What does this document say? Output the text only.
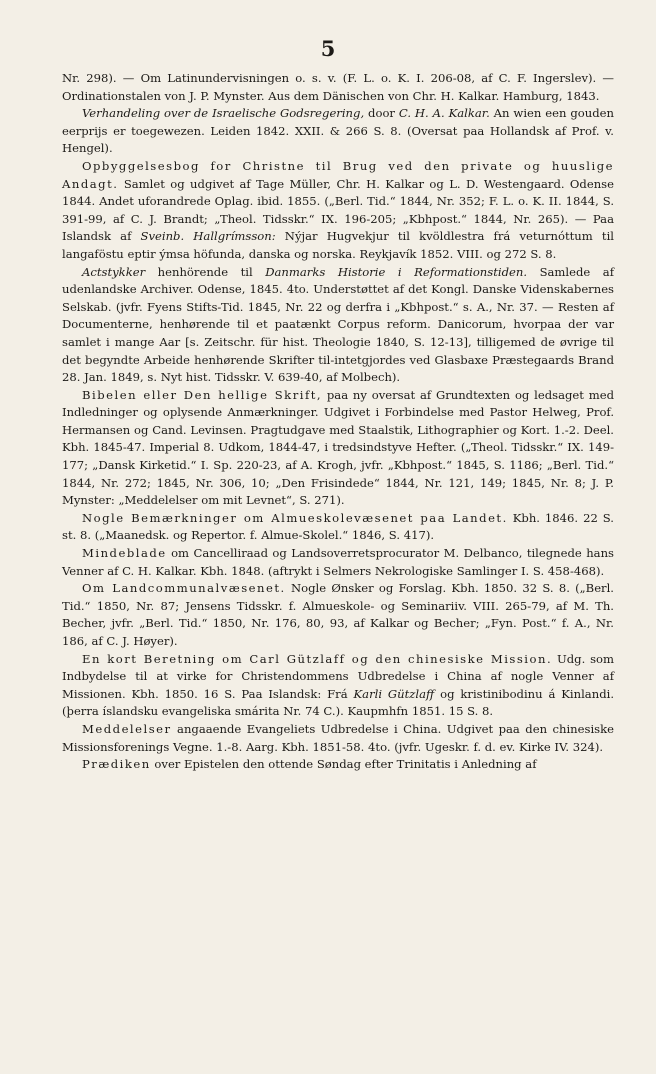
5

Nr. 298). — Om Latinundervisningen o. s. v. (F. L. o. K. I. 206-08, af C. F. Ingerslev). — Ordinationstalen von J. P. Mynster. Aus dem Dänischen von Chr. H. Kalkar. Hamburg, 1843.

Verhandeling over de Israelische Godsregering, door C. H. A. Kalkar. An wien een gouden eerprijs er toegewezen. Leiden 1842. XXII. & 266 S. 8. (Oversat paa Hollandsk af Prof. v. Hengel).

Opbyggelsesbog for Christne til Brug ved den private og huuslige Andagt. Samlet og udgivet af Tage Müller, Chr. H. Kalkar og L. D. Westengaard. Odense 1844. Andet uforandrede Oplag. ibid. 1855. („Berl. Tid.“ 1844, Nr. 352; F. L. o. K. II. 1844, S. 391-99, af C. J. Brandt; „Theol. Tidsskr.“ IX. 196-205; „Kbhpost.“ 1844, Nr. 265). — Paa Islandsk af Sveinb. Hallgrímsson: Nýjar Hugvekjur til kvöldlestra frá veturnóttum til langaföstu eptir ýmsa höfunda, danska og norska. Reykjavík 1852. VIII. og 272 S. 8.

Actstykker henhörende til Danmarks Historie i Reformationstiden. Samlede af udenlandske Archiver. Odense, 1845. 4to. Understøttet af det Kongl. Danske Videnskabernes Selskab. (jvfr. Fyens Stifts-Tid. 1845, Nr. 22 og derfra i „Kbhpost.“ s. A., Nr. 37. — Resten af Documenterne, henhørende til et paatænkt Corpus reform. Danicorum, hvorpaa der var samlet i mange Aar [s. Zeitschr. für hist. Theologie 1840, S. 12-13], tilligemed de øvrige til det begyndte Arbeide henhørende Skrifter til-intetgjordes ved Glasbaxe Præstegaards Brand 28. Jan. 1849, s. Nyt hist. Tidsskr. V. 639-40, af Molbech).

Bibelen eller Den hellige Skrift, paa ny oversat af Grundtexten og ledsaget med Indledninger og oplysende Anmærkninger. Udgivet i Forbindelse med Pastor Helweg, Prof. Hermansen og Cand. Levinsen. Pragtudgave med Staalstik, Lithographier og Kort. 1.-2. Deel. Kbh. 1845-47. Imperial 8. Udkom, 1844-47, i tredsindstyve Hefter. („Theol. Tidsskr.“ IX. 149-177; „Dansk Kirketid.“ I. Sp. 220-23, af A. Krogh, jvfr. „Kbhpost.“ 1845, S. 1186; „Berl. Tid.“ 1844, Nr. 272; 1845, Nr. 306, 10; „Den Frisindede“ 1844, Nr. 121, 149; 1845, Nr. 8; J. P. Mynster: „Meddelelser om mit Levnet“, S. 271).

Nogle Bemærkninger om Almueskolevæsenet paa Landet. Kbh. 1846. 22 S. st. 8. („Maanedsk. og Repertor. f. Almue-Skolel.“ 1846, S. 417).

Mindeblade om Cancelliraad og Landsoverretsprocurator M. Delbanco, tilegnede hans Venner af C. H. Kalkar. Kbh. 1848. (aftrykt i Selmers Nekrologiske Samlinger I. S. 458-468).

Om Landcommunalvæsenet. Nogle Ønsker og Forslag. Kbh. 1850. 32 S. 8. („Berl. Tid.“ 1850, Nr. 87; Jensens Tidsskr. f. Almueskole- og Seminariiv. VIII. 265-79, af M. Th. Becher, jvfr. „Berl. Tid.“ 1850, Nr. 176, 80, 93, af Kalkar og Becher; „Fyn. Post.“ f. A., Nr. 186, af C. J. Høyer).

En kort Beretning om Carl Gützlaff og den chinesiske Mission. Udg. som Indbydelse til at virke for Christendommens Udbredelse i China af nogle Venner af Missionen. Kbh. 1850. 16 S. Paa Islandsk: Frá Karli Gützlaff og kristinibodinu á Kinlandi. (þerra íslandsku evangeliska smárita Nr. 74 C.). Kaupmhfn 1851. 15 S. 8.

Meddelelser angaaende Evangeliets Udbredelse i China. Udgivet paa den chinesiske Missionsforenings Vegne. 1.-8. Aarg. Kbh. 1851-58. 4to. (jvfr. Ugeskr. f. d. ev. Kirke IV. 324).

Prædiken over Epistelen den ottende Søndag efter Trinitatis i Anledning af
